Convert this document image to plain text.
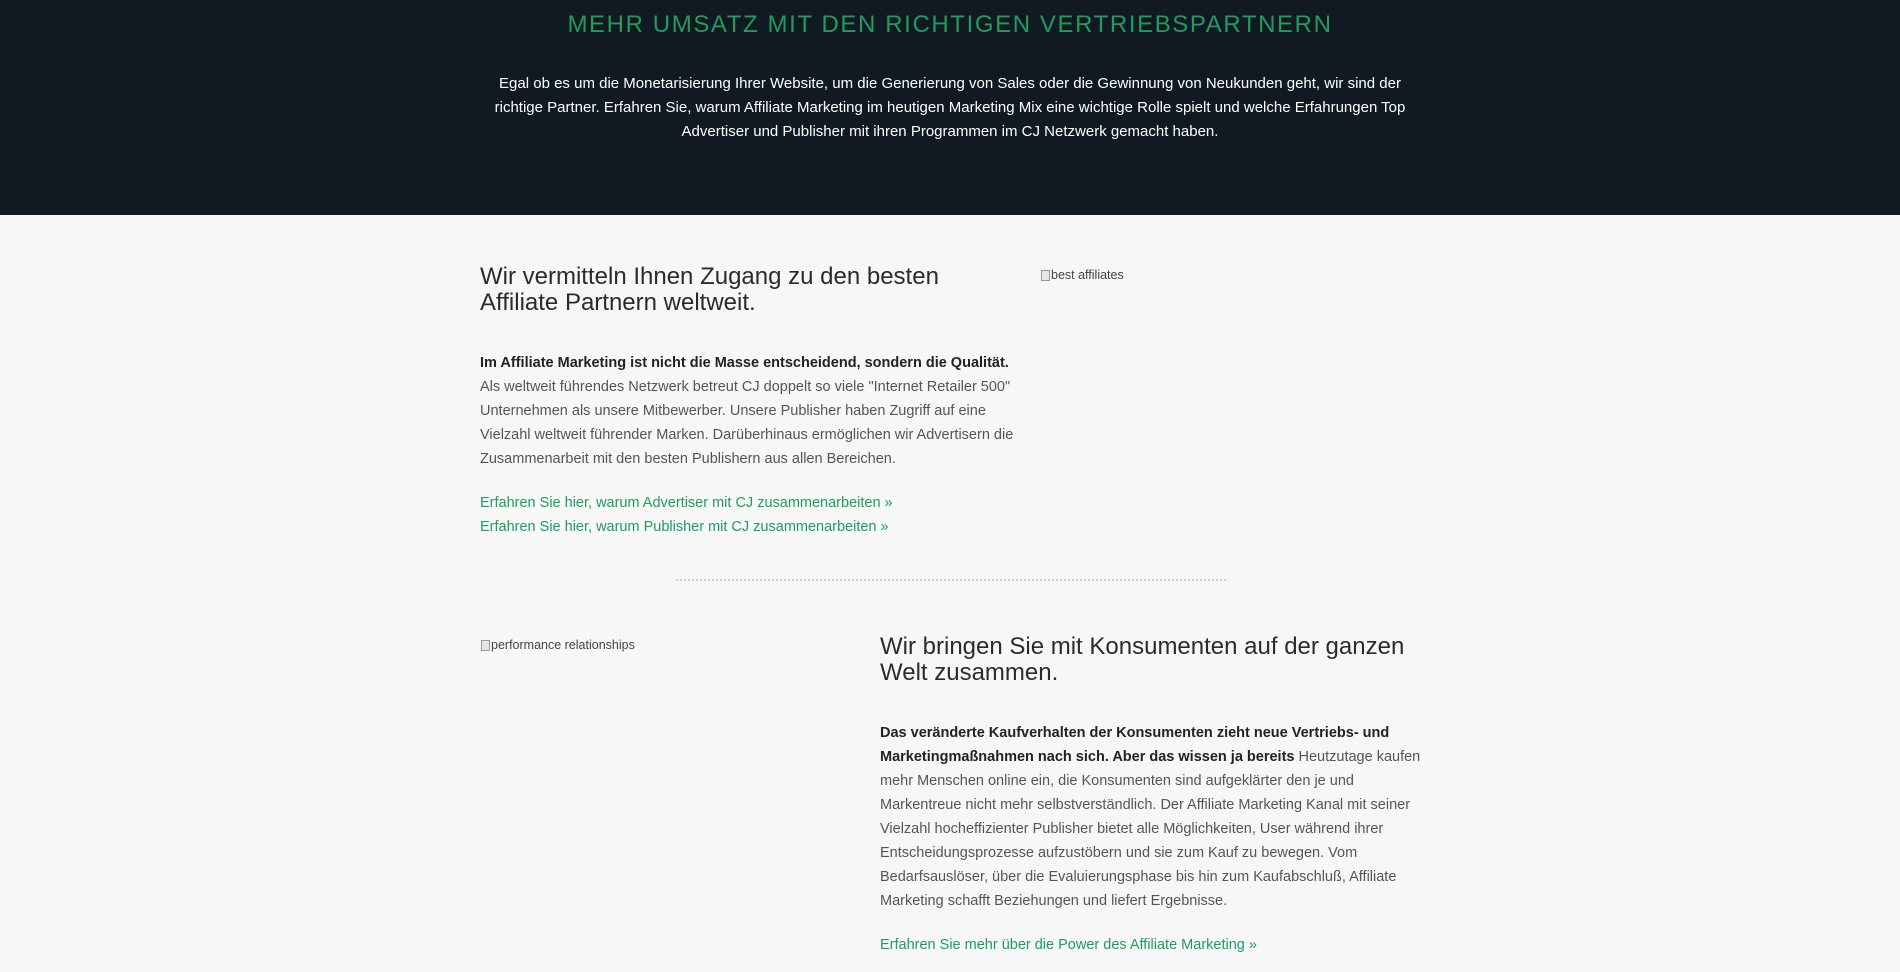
MEHR UMSATZ MIT DEN RICHTIGEN VERTRIEBSPARTNERN

Egal ob es um die Monetarisierung Ihrer Website, um die Generierung von Sales oder die Gewinnung von Neukunden geht, wir sind der richtige Partner. Erfahren Sie, warum Affiliate Marketing im heutigen Marketing Mix eine wichtige Rolle spielt und welche Erfahrungen Top Advertiser und Publisher mit ihren Programmen im CJ Netzwerk gemacht haben.

Wir vermitteln Ihnen Zugang zu den besten Affiliate Partnern weltweit.

Im Affiliate Marketing ist nicht die Masse entscheidend, sondern die Qualität. Als weltweit führendes Netzwerk betreut CJ doppelt so viele "Internet Retailer 500" Unternehmen als unsere Mitbewerber. Unsere Publisher haben Zugriff auf eine Vielzahl weltweit führender Marken. Darüberhinaus ermöglichen wir Advertisern die Zusammenarbeit mit den besten Publishern aus allen Bereichen.

Erfahren Sie hier, warum Advertiser mit CJ zusammenarbeiten »
Erfahren Sie hier, warum Publisher mit CJ zusammenarbeiten »
best affiliates
performance relationships	Wir bringen Sie mit Konsumenten auf der ganzen Welt zusammen.

Das veränderte Kaufverhalten der Konsumenten zieht neue Vertriebs- und Marketingmaßnahmen nach sich. Aber das wissen ja bereits Heutzutage kaufen mehr Menschen online ein, die Konsumenten sind aufgeklärter den je und Markentreue nicht mehr selbstverständlich. Der Affiliate Marketing Kanal mit seiner Vielzahl hocheffizienter Publisher bietet alle Möglichkeiten, User während ihrer Entscheidungsprozesse aufzustöbern und sie zum Kauf zu bewegen. Vom Bedarfsauslöser, über die Evaluierungsphase bis hin zum Kaufabschluß, Affiliate Marketing schafft Beziehungen und liefert Ergebnisse.

Erfahren Sie mehr über die Power des Affiliate Marketing »
